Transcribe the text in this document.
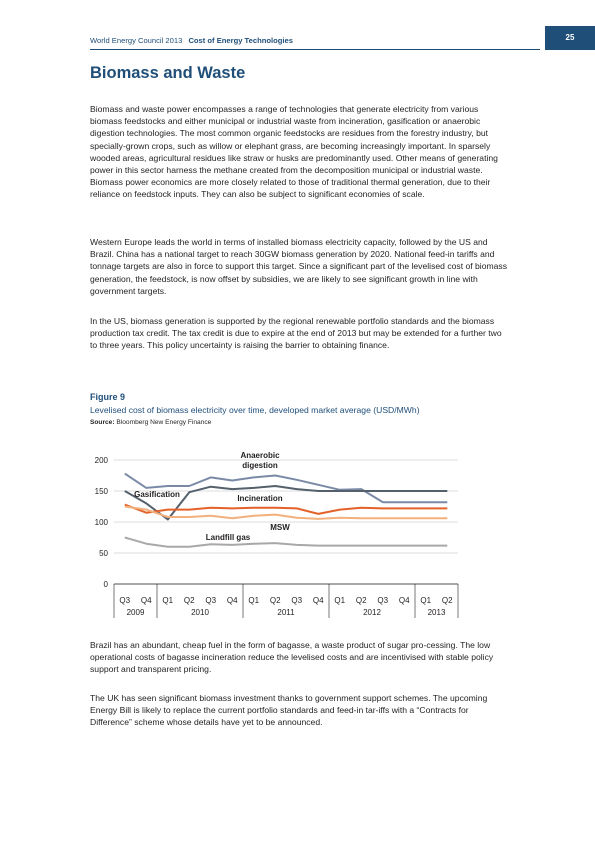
World Energy Council 2013 Cost of Energy Technologies	25
Biomass and Waste

Biomass and waste power encompasses a range of technologies that generate electricity from various biomass feedstocks and either municipal or industrial waste from incineration, gasification or anaerobic digestion technologies. The most common organic feedstocks are residues from the forestry industry, but specially-grown crops, such as willow or elephant grass, are becoming increasingly important. In sparsely wooded areas, agricultural residues like straw or husks are predominantly used. Other means of generating power in this sector harness the methane created from the decomposition municipal or industrial waste. Biomass power economics are more closely related to those of traditional thermal generation, due to their reliance on feedstock inputs. They can also be subject to significant economies of scale.

Western Europe leads the world in terms of installed biomass electricity capacity, followed by the US and Brazil. China has a national target to reach 30GW biomass generation by 2020. National feed-in tariffs and tonnage targets are also in force to support this target. Since a significant part of the levelised cost of biomass generation, the feedstock, is now offset by subsidies, we are likely to see significant growth in line with government targets.

In the US, biomass generation is supported by the regional renewable portfolio standards and the biomass production tax credit. The tax credit is due to expire at the end of 2013 but may be extended for a further two to three years. This policy uncertainty is raising the barrier to obtaining finance.

Figure 9
Levelised cost of biomass electricity over time, developed market average (USD/MWh)
Source: Bloomberg New Energy Finance
0
50
100
150
200
2009	2010	2011	2012	2013
Q3 Q4 Q1 Q2 Q3 Q4 Q1 Q2 Q3 Q4 Q1 Q2 Q3 Q4 Q1 Q2
Anaerobic
digestion
Gasification	Incineration
MSW
Landfill gas

Brazil has an abundant, cheap fuel in the form of bagasse, a waste product of sugar pro-cessing. The low operational costs of bagasse incineration reduce the levelised costs and are incentivised with stable policy support and transparent pricing.

The UK has seen significant biomass investment thanks to government support schemes. The upcoming Energy Bill is likely to replace the current portfolio standards and feed-in tar-iffs with a “Contracts for Difference” scheme whose details have yet to be announced.
